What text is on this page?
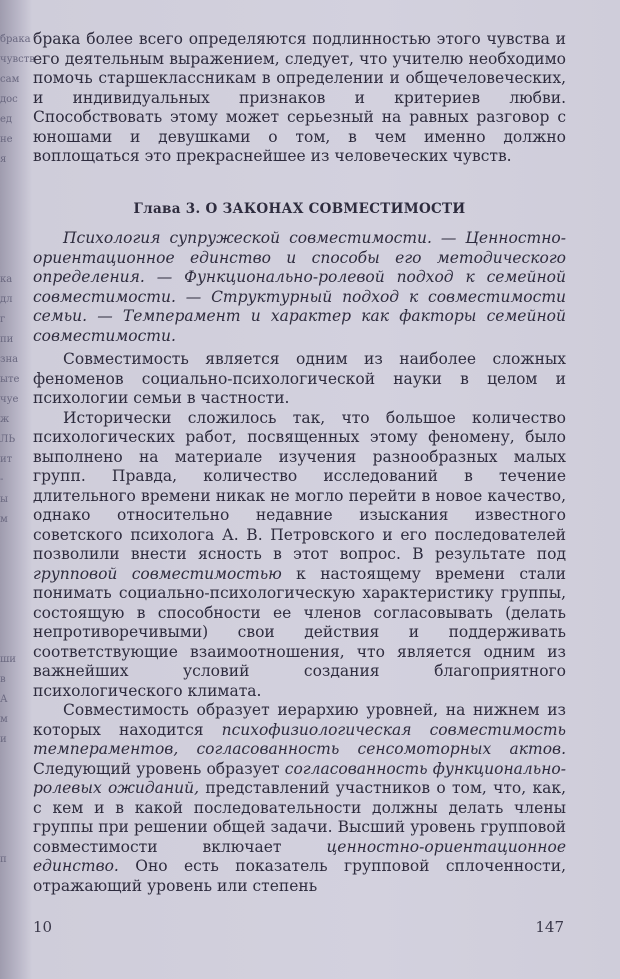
брака
чувств
сам
дос
ед
не
я

ка
дл
г
пи
зна
ыте
чуе
ж
ЛЬ
ит
-
ы
м

ши
в
А
м
и

п

брака более всего определяются подлинностью этого чувства и его деятельным выражением, следует, что учителю необходимо помочь старшеклассникам в определении и общечеловеческих, и индивидуальных признаков и критериев любви. Способствовать этому может серьезный на равных разговор с юношами и девушками о том, в чем именно должно воплощаться это прекраснейшее из человеческих чувств.

Глава 3. О ЗАКОНАХ СОВМЕСТИМОСТИ

Психология супружеской совместимости. — Ценностно-ориентационное единство и способы его методического определения. — Функционально-ролевой подход к семейной совместимости. — Структурный подход к совместимости семьи. — Темперамент и характер как факторы семейной совместимости.

Совместимость является одним из наиболее сложных феноменов социально-психологической науки в целом и психологии семьи в частности.

Исторически сложилось так, что большое количество психологических работ, посвященных этому феномену, было выполнено на материале изучения разнообразных малых групп. Правда, количество исследований в течение длительного времени никак не могло перейти в новое качество, однако относительно недавние изыскания известного советского психолога А. В. Петровского и его последователей позволили внести ясность в этот вопрос. В результате под групповой совместимостью к настоящему времени стали понимать социально-психологическую характеристику группы, состоящую в способности ее членов согласовывать (делать непротиворечивыми) свои действия и поддерживать соответствующие взаимоотношения, что является одним из важнейших условий создания благоприятного психологического климата.

Совместимость образует иерархию уровней, на нижнем из которых находится психофизиологическая совместимость темпераментов, согласованность сенсомоторных актов. Следующий уровень образует согласованность функционально-ролевых ожиданий, представлений участников о том, что, как, с кем и в какой последовательности должны делать члены группы при решении общей задачи. Высший уровень групповой совместимости включает ценностно-ориентационное единство. Оно есть показатель групповой сплоченности, отражающий уровень или степень

10	147
